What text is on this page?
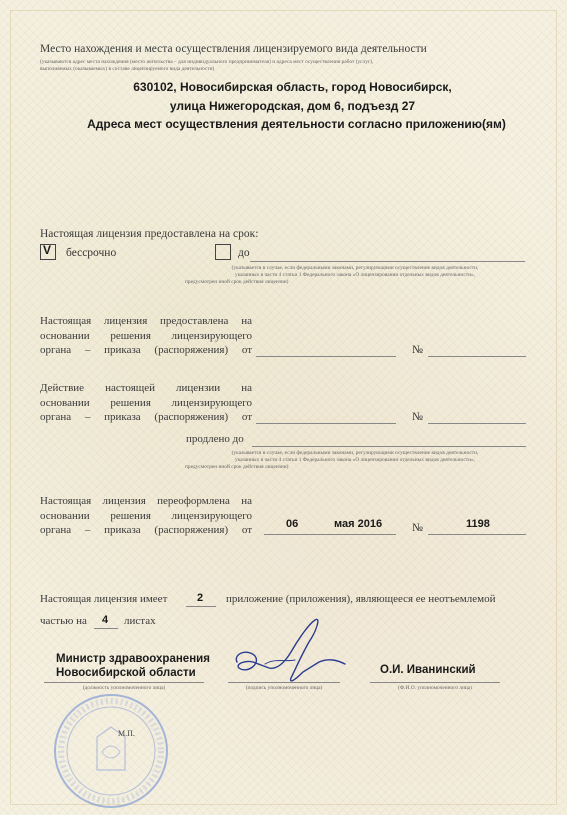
Место нахождения и места осуществления лицензируемого вида деятельности
(указываются адрес места нахождения (место жительства – для индивидуального предпринимателя) и адреса мест осуществления работ (услуг),
выполняемых (оказываемых) в составе лицензируемого вида деятельности)
630102, Новосибирская область, город Новосибирск,
улица Нижегородская, дом 6, подъезд 27
Адреса мест осуществления деятельности согласно приложению(ям)
Настоящая лицензия предоставлена на срок:
V бессрочно	до
(указывается в случае, если федеральными законами, регулирующими осуществление видов деятельности,
указанных в части 4 статьи 1 Федерального закона «О лицензировании отдельных видов деятельности»,
предусмотрен иной срок действия лицензии)
Настоящая лицензия предоставлена на
основании решения лицензирующего
органа – приказа (распоряжения) от	№
Действие настоящей лицензии на
основании решения лицензирующего
органа – приказа (распоряжения) от	№
продлено до
(указывается в случае, если федеральными законами, регулирующими осуществление видов деятельности,
указанных в части 4 статьи 1 Федерального закона «О лицензировании отдельных видов деятельности»,
предусмотрен иной срок действия лицензии)
Настоящая лицензия переоформлена на
основании решения лицензирующего
органа – приказа (распоряжения) от	06	мая 2016	№	1198
Настоящая лицензия имеет	2 приложение (приложения), являющееся ее неотъемлемой
частью на 4 листах
Министр здравоохранения
Новосибирской области
(должность уполномоченного лица)	(подпись уполномоченного лица)
О.И. Иванинский
(Ф.И.О. уполномоченного лица)
М.П.
